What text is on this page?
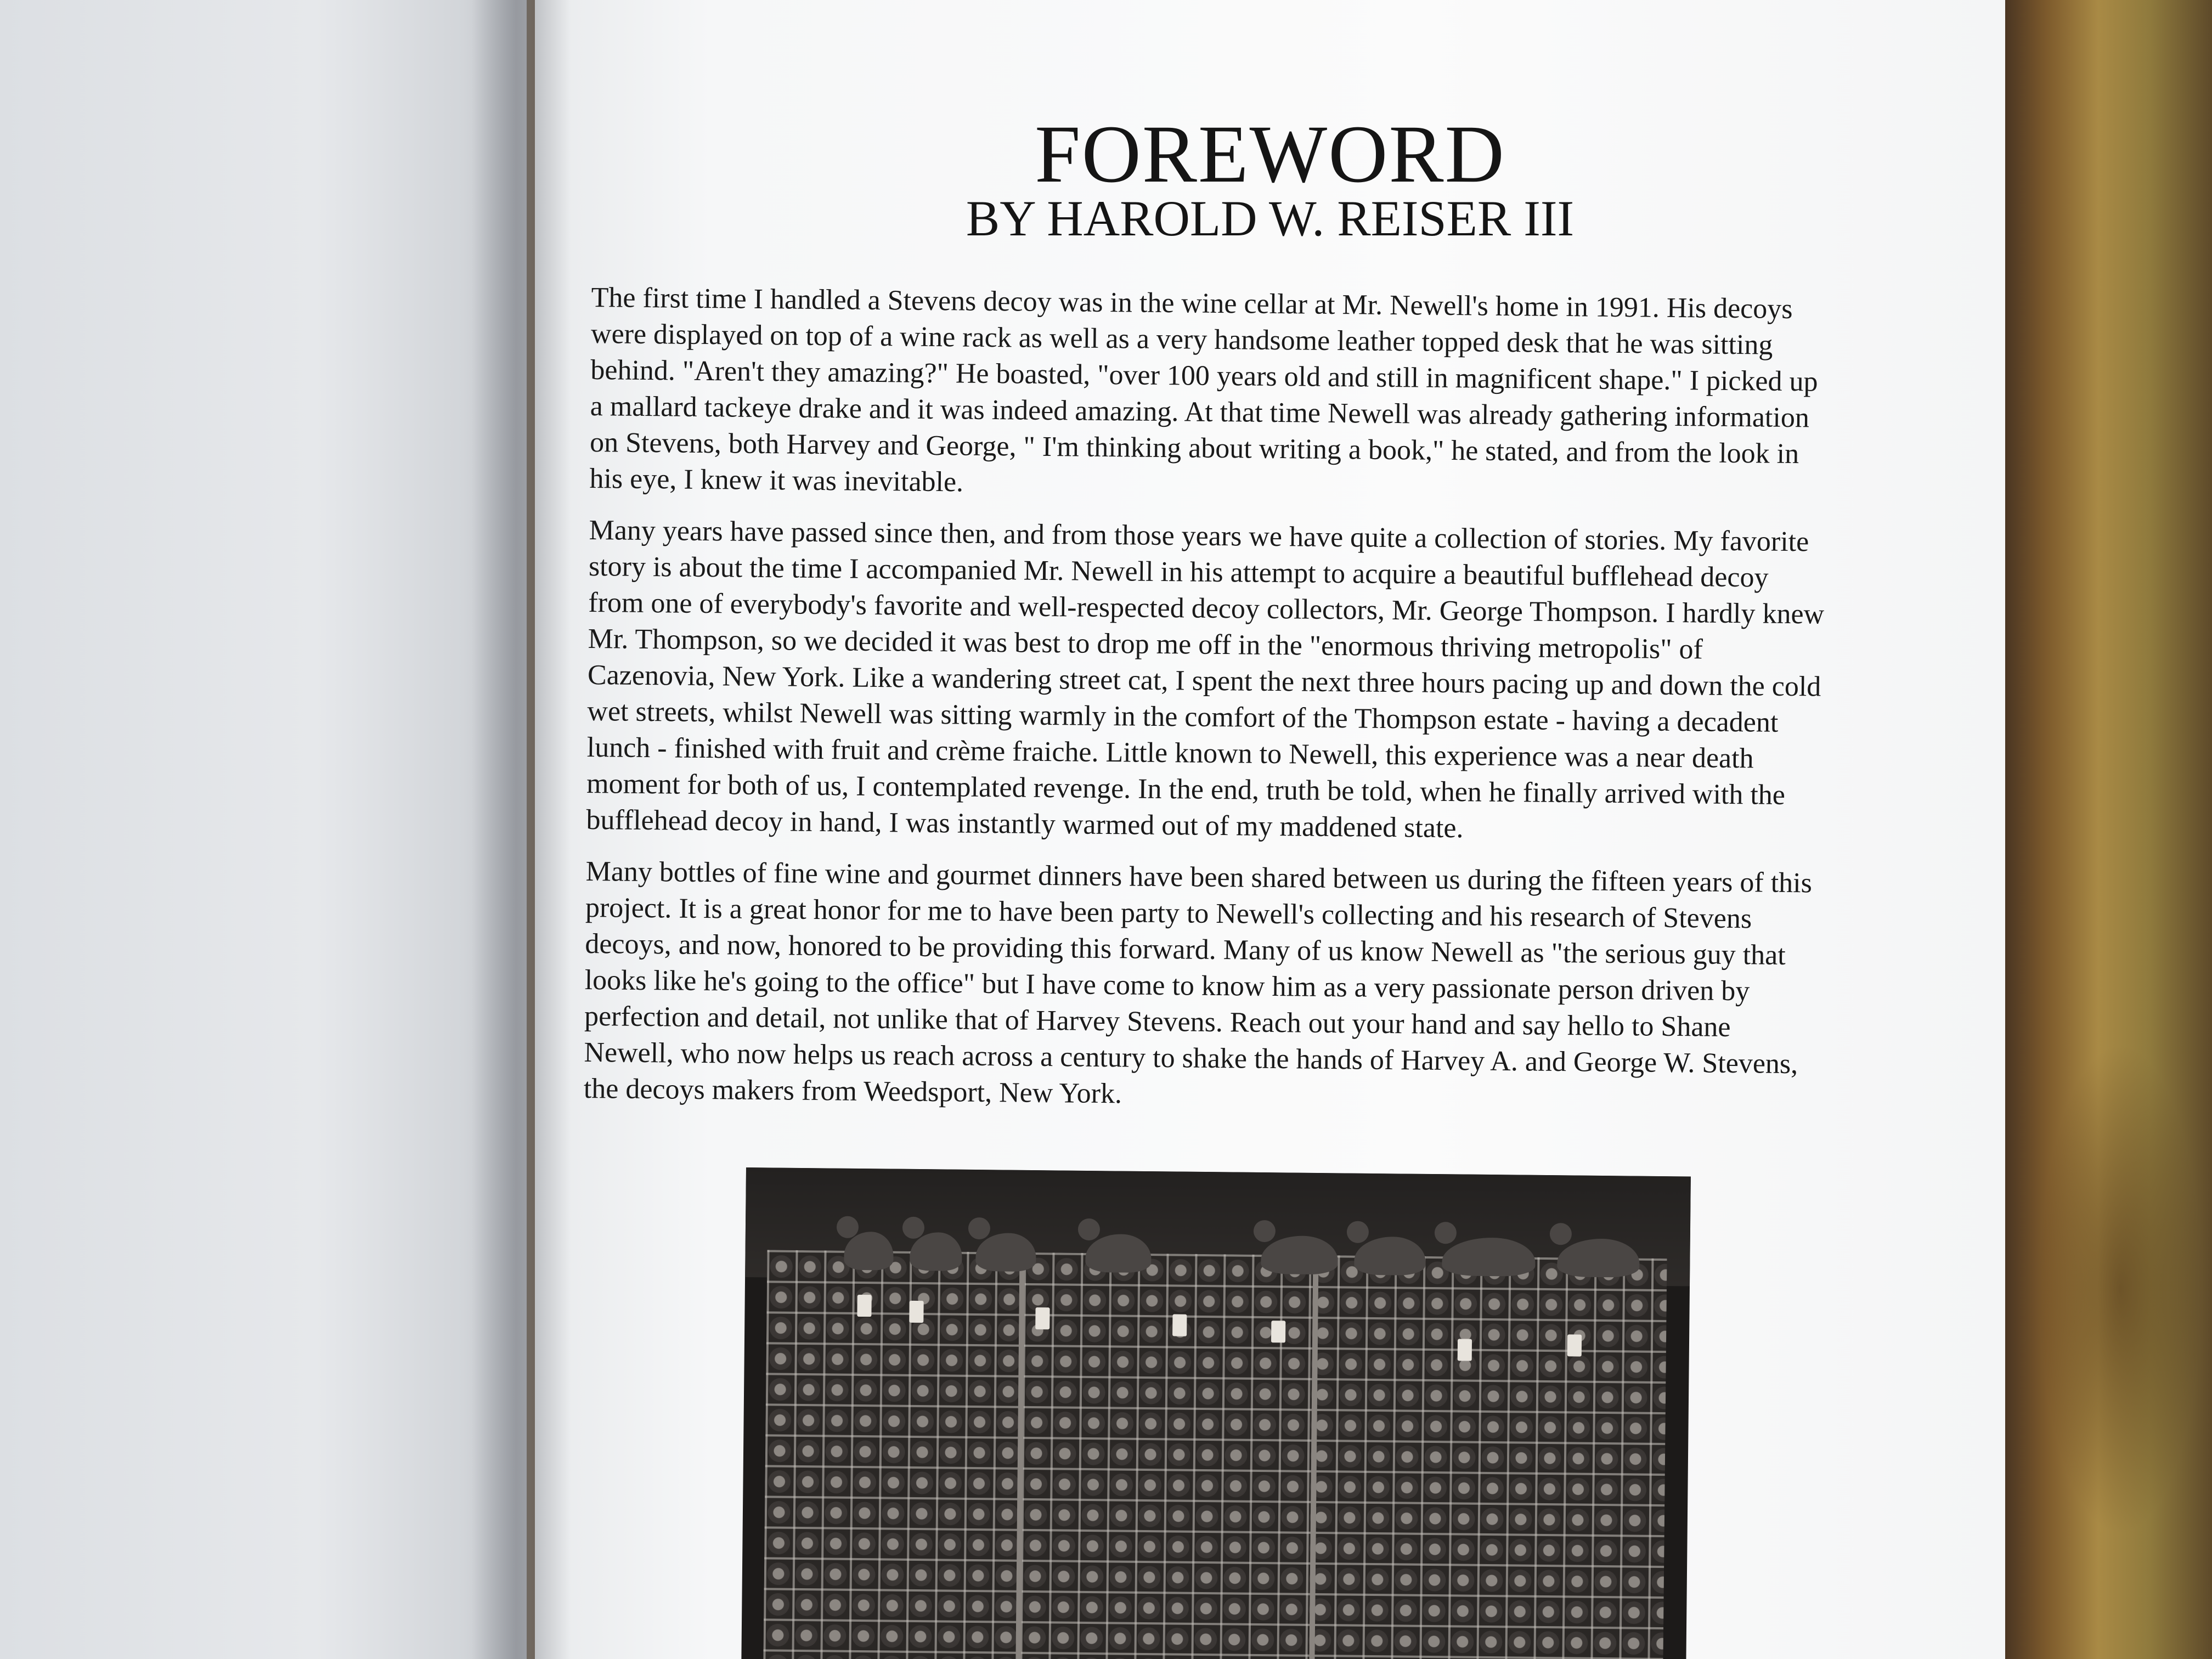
FOREWORD
BY HAROLD W. REISER III

The first time I handled a Stevens decoy was in the wine cellar at Mr. Newell's home in 1991. His decoys were displayed on top of a wine rack as well as a very handsome leather topped desk that he was sitting behind. "Aren't they amazing?" He boasted, "over 100 years old and still in magnificent shape." I picked up a mallard tackeye drake and it was indeed amazing. At that time Newell was already gathering information on Stevens, both Harvey and George, " I'm thinking about writing a book," he stated, and from the look in his eye, I knew it was inevitable.

Many years have passed since then, and from those years we have quite a collection of stories. My favorite story is about the time I accompanied Mr. Newell in his attempt to acquire a beautiful bufflehead decoy from one of everybody's favorite and well-respected decoy collectors, Mr. George Thompson. I hardly knew Mr. Thompson, so we decided it was best to drop me off in the "enormous thriving metropolis" of Cazenovia, New York. Like a wandering street cat, I spent the next three hours pacing up and down the cold wet streets, whilst Newell was sitting warmly in the comfort of the Thompson estate - having a decadent lunch - finished with fruit and crème fraiche. Little known to Newell, this experience was a near death moment for both of us, I contemplated revenge. In the end, truth be told, when he finally arrived with the bufflehead decoy in hand, I was instantly warmed out of my maddened state.

Many bottles of fine wine and gourmet dinners have been shared between us during the fifteen years of this project. It is a great honor for me to have been party to Newell's collecting and his research of Stevens decoys, and now, honored to be providing this forward. Many of us know Newell as "the serious guy that looks like he's going to the office" but I have come to know him as a very passionate person driven by perfection and detail, not unlike that of Harvey Stevens. Reach out your hand and say hello to Shane Newell, who now helps us reach across a century to shake the hands of Harvey A. and George W. Stevens, the decoys makers from Weedsport, New York.
